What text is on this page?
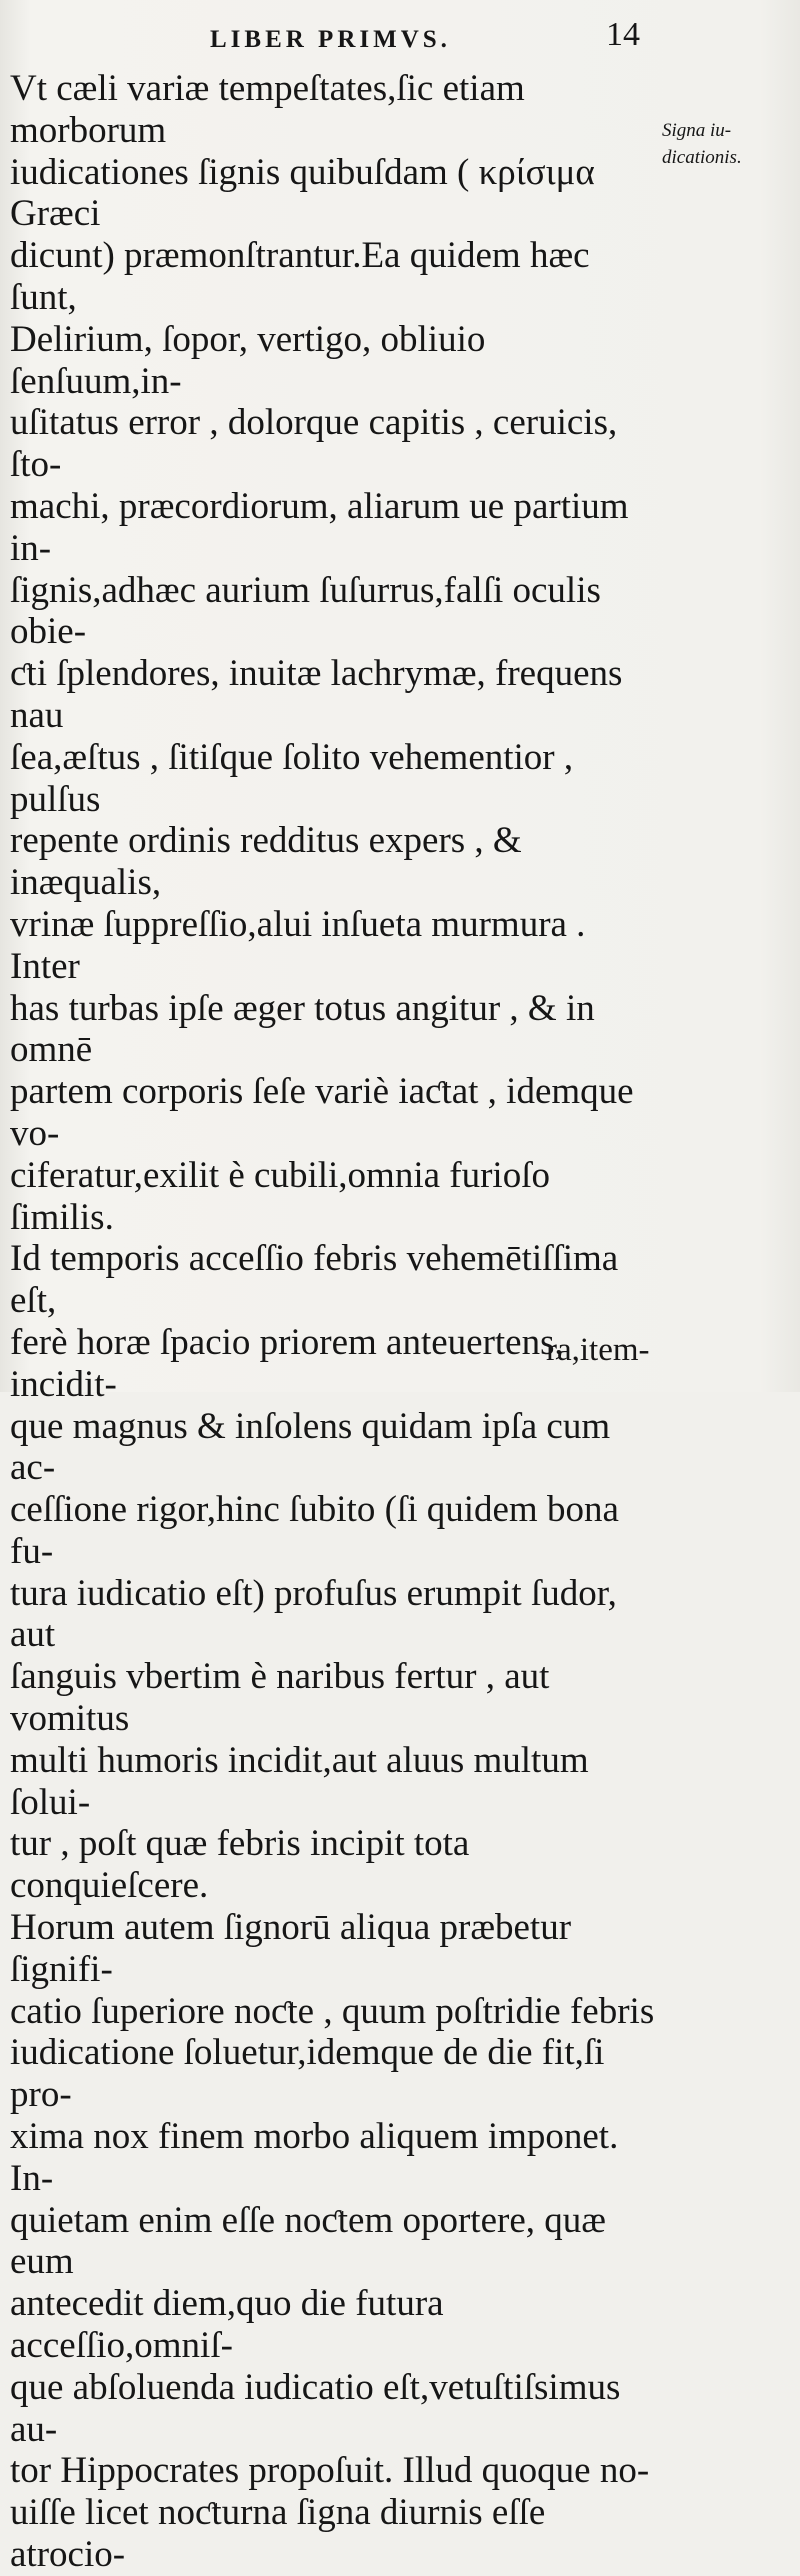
LIBER PRIMVS.	14
Vt cæli variæ tempeſtates,ſic etiam morborum
iudicationes ſignis quibuſdam ( κρίσιμα Græci
dicunt) præmonſtrantur.Ea quidem hæc ſunt,
Delirium, ſopor, vertigo, obliuio ſenſuum,in-
uſitatus error , dolorque capitis , ceruicis, ſto-
machi, præcordiorum, aliarum ue partium in-
ſignis,adhæc aurium ſuſurrus,falſi oculis obie-
ƈti ſplendores, inuitæ lachrymæ, frequens nau
ſea,æſtus , ſitiſque ſolito vehementior , pulſus
repente ordinis redditus expers , & inæqualis,
vrinæ ſuppreſſio,alui inſueta murmura . Inter
has turbas ipſe æger totus angitur , & in omnē
partem corporis ſeſe variè iaƈtat , idemque vo-
ciferatur,exilit è cubili,omnia furioſo ſimilis.
Id temporis acceſſio febris vehemētiſſima eſt,
ferè horæ ſpacio priorem anteuertens, incidit-
que magnus & inſolens quidam ipſa cum ac-
ceſſione rigor,hinc ſubito (ſi quidem bona fu-
tura iudicatio eſt) profuſus erumpit ſudor, aut
ſanguis vbertim è naribus fertur , aut vomitus
multi humoris incidit,aut aluus multum ſolui-
tur , poſt quæ febris incipit tota conquieſcere.
Horum autem ſignorū aliqua præbetur ſignifi-
catio ſuperiore noƈte , quum poſtridie febris
iudicatione ſoluetur,idemque de die fit,ſi pro-
xima nox finem morbo aliquem imponet. In-
quietam enim eſſe noƈtem oportere, quæ eum
antecedit diem,quo die futura acceſſio,omniſ-
que abſoluenda iudicatio eſt,vetuſtiſsimus au-
tor Hippocrates propoſuit. Illud quoque no-
uiſſe licet noƈturna ſigna diurnis eſſe atrocio-
Signa iu-
dicationis.
ra,item-
